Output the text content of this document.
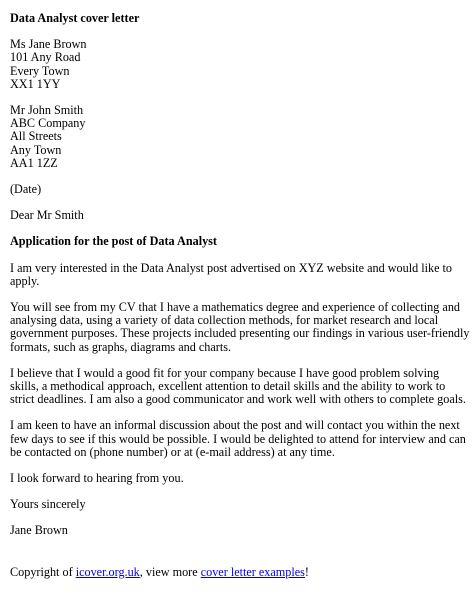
Data Analyst cover letter

Ms Jane Brown
101 Any Road
Every Town
XX1 1YY
Mr John Smith
ABC Company
All Streets
Any Town
AA1 1ZZ

(Date)

Dear Mr Smith

Application for the post of Data Analyst

I am very interested in the Data Analyst post advertised on XYZ website and would like to apply.

You will see from my CV that I have a mathematics degree and experience of collecting and analysing data, using a variety of data collection methods, for market research and local government purposes. These projects included presenting our findings in various user-friendly formats, such as graphs, diagrams and charts.

I believe that I would a good fit for your company because I have good problem solving skills, a methodical approach, excellent attention to detail skills and the ability to work to strict deadlines. I am also a good communicator and work well with others to complete goals.

I am keen to have an informal discussion about the post and will contact you within the next few days to see if this would be possible. I would be delighted to attend for interview and can be contacted on (phone number) or at (e-mail address) at any time.

I look forward to hearing from you.

Yours sincerely

Jane Brown

Copyright of icover.org.uk, view more cover letter examples!
